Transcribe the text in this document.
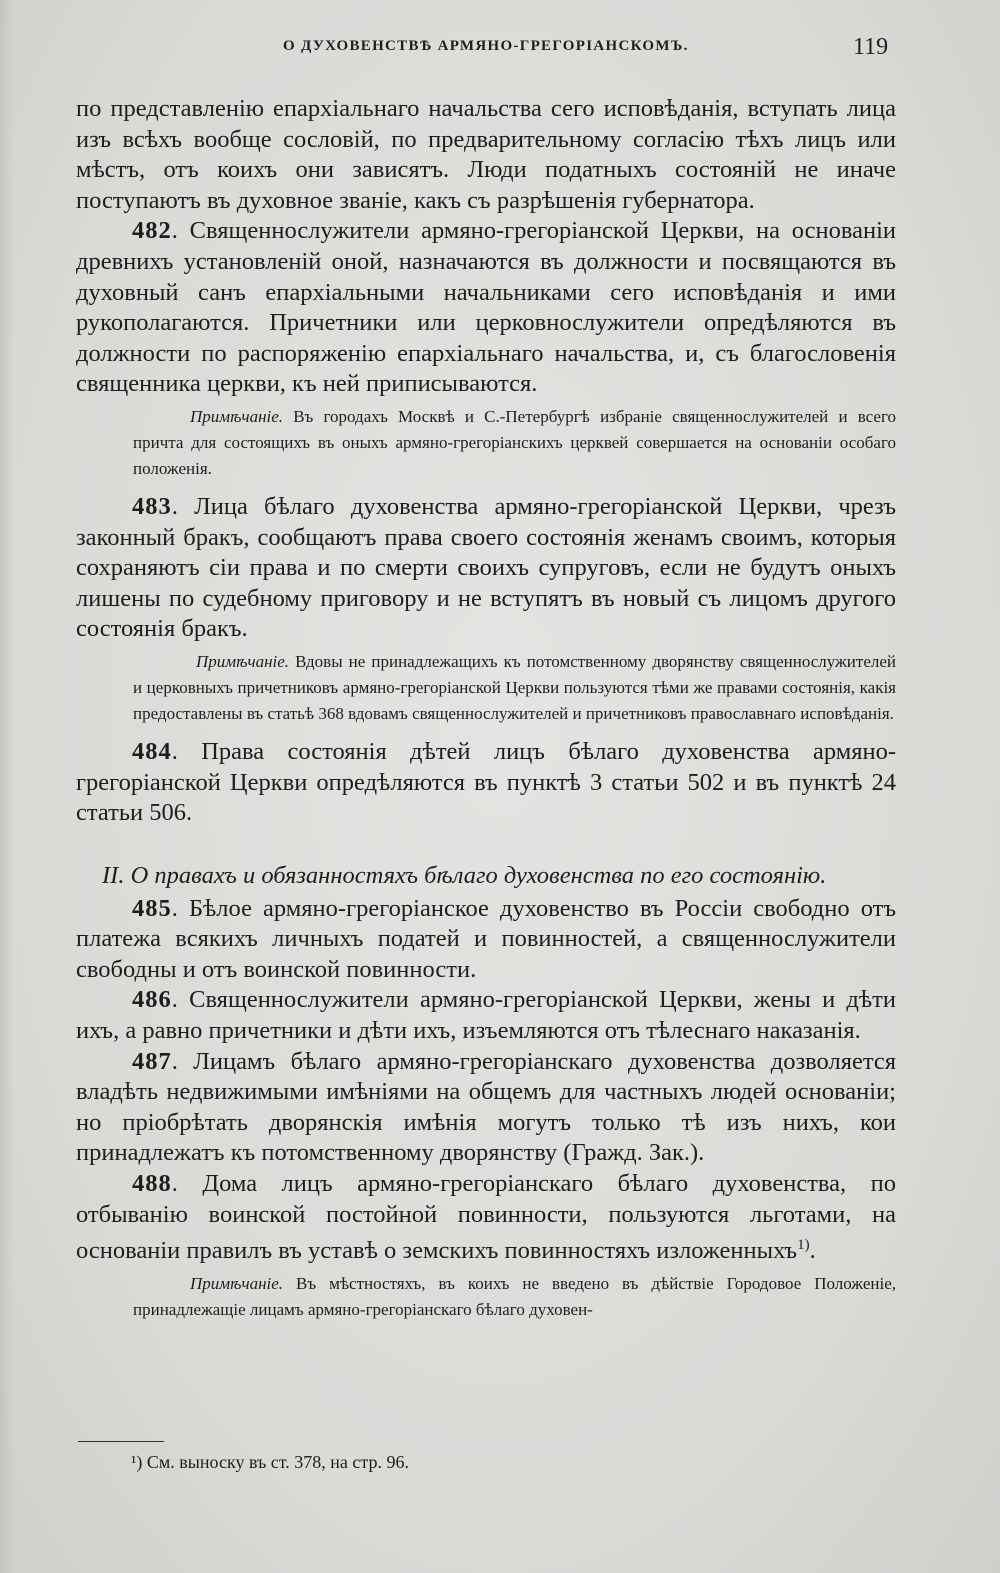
О ДУХОВЕНСТВѢ АРМЯНО-ГРЕГОРІАНСКОМЪ.	119

по представленію епархіальнаго начальства сего исповѣданія, вступать лица изъ всѣхъ вообще сословій, по предварительному согласію тѣхъ лицъ или мѣстъ, отъ коихъ они зависятъ. Люди податныхъ состояній не иначе поступаютъ въ духовное званіе, какъ съ разрѣшенія губернатора.

482. Священнослужители армяно-грегоріанской Церкви, на основаніи древнихъ установленій оной, назначаются въ должности и посвящаются въ духовный санъ епархіальными начальниками сего исповѣданія и ими рукополагаются. Причетники или церковнослужители опредѣляются въ должности по распоряженію епархіальнаго начальства, и, съ благословенія священника церкви, къ ней приписываются.

Примѣчаніе. Въ городахъ Москвѣ и С.-Петербургѣ избраніе священнослужителей и всего причта для состоящихъ въ оныхъ армяно-грегоріанскихъ церквей совершается на основаніи особаго положенія.

483. Лица бѣлаго духовенства армяно-грегоріанской Церкви, чрезъ законный бракъ, сообщаютъ права своего состоянія женамъ своимъ, которыя сохраняютъ сіи права и по смерти своихъ супруговъ, если не будутъ оныхъ лишены по судебному приговору и не вступятъ въ новый съ лицомъ другого состоянія бракъ.

Примѣчаніе. Вдовы не принадлежащихъ къ потомственному дворянству священнослужителей и церковныхъ причетниковъ армяно-грегоріанской Церкви пользуются тѣми же правами состоянія, какія предоставлены въ статьѣ 368 вдовамъ священнослужителей и причетниковъ православнаго исповѣданія.

484. Права состоянія дѣтей лицъ бѣлаго духовенства армяно-грегоріанской Церкви опредѣляются въ пунктѣ 3 статьи 502 и въ пунктѣ 24 статьи 506.

II. О правахъ и обязанностяхъ бѣлаго духовенства по его состоянію.

485. Бѣлое армяно-грегоріанское духовенство въ Россіи свободно отъ платежа всякихъ личныхъ податей и повинностей, а священнослужители свободны и отъ воинской повинности.

486. Священнослужители армяно-грегоріанской Церкви, жены и дѣти ихъ, а равно причетники и дѣти ихъ, изъемляются отъ тѣлеснаго наказанія.

487. Лицамъ бѣлаго армяно-грегоріанскаго духовенства дозволяется владѣть недвижимыми имѣніями на общемъ для частныхъ людей основаніи; но пріобрѣтать дворянскія имѣнія могутъ только тѣ изъ нихъ, кои принадлежатъ къ потомственному дворянству (Гражд. Зак.).

488. Дома лицъ армяно-грегоріанскаго бѣлаго духовенства, по отбыванію воинской постойной повинности, пользуются льготами, на основаніи правилъ въ уставѣ о земскихъ повинностяхъ изложенныхъ$^{1)}$.

Примѣчаніе. Въ мѣстностяхъ, въ коихъ не введено въ дѣйствіе Городовое Положеніе, принадлежащіе лицамъ армяно-грегоріанскаго бѣлаго духовен-

¹) См. выноску въ ст. 378, на стр. 96.
